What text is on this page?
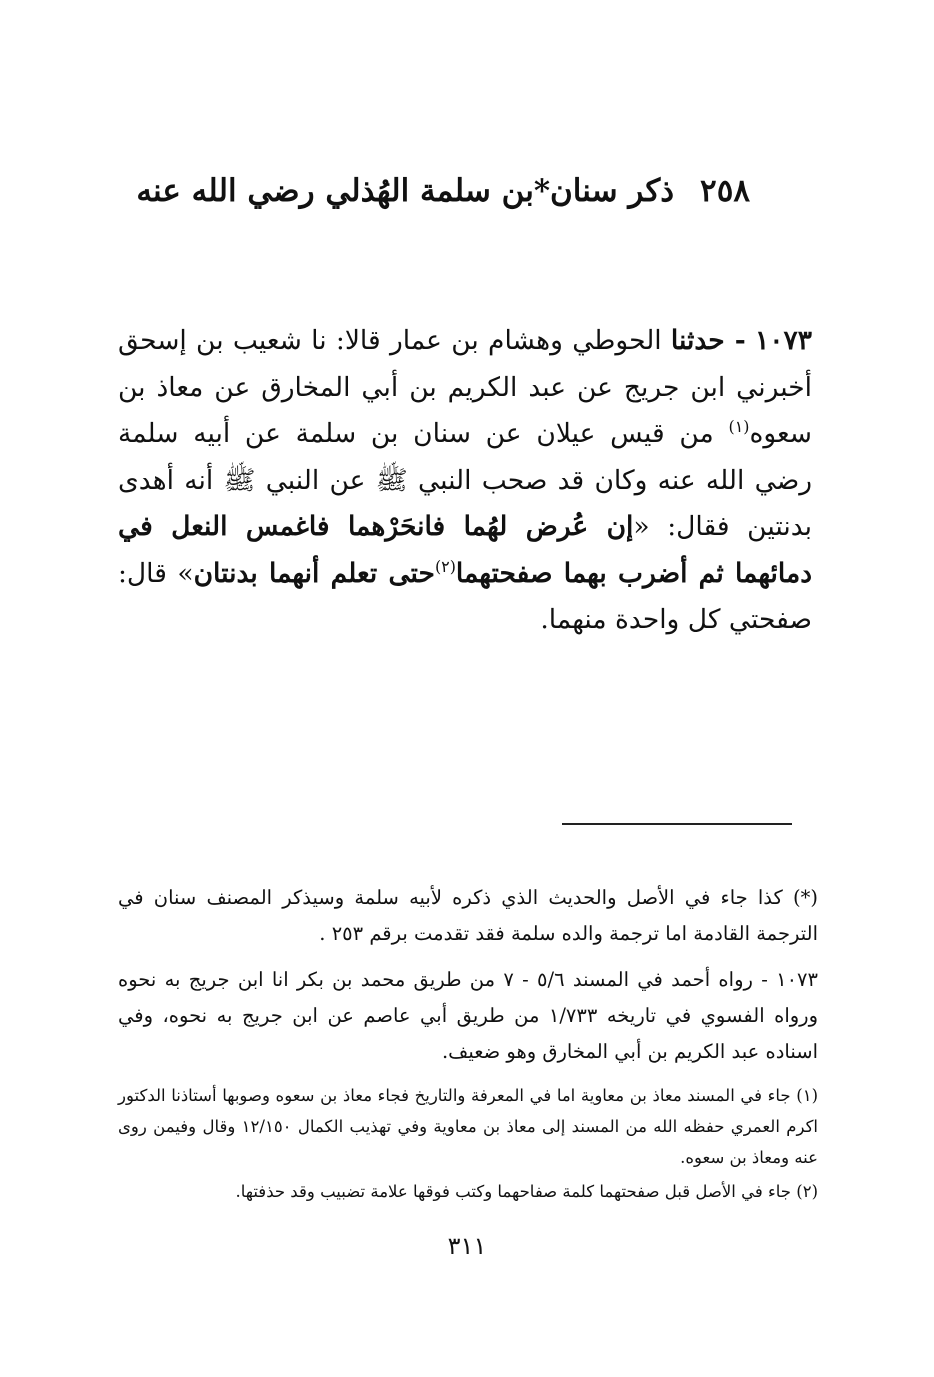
٢٥٨ذكر سنان*بن سلمة الهُذلي رضي الله عنه

١٠٧٣ - حدثنا الحوطي وهشام بن عمار قالا: نا شعيب بن إسحق أخبرني ابن جريج عن عبد الكريم بن أبي المخارق عن معاذ بن سعوه$^{(١)}$ من قيس عيلان عن سنان بن سلمة عن أبيه سلمة رضي الله عنه وكان قد صحب النبي ﷺ عن النبي ﷺ أنه أهدى بدنتين فقال: «إن عُرض لهُما فانحَرْهما فاغمس النعل في دمائهما ثم أضرب بهما صفحتهما$^{(٢)}$حتى تعلم أنهما بدنتان» قال: صفحتي كل واحدة منهما.

(*) كذا جاء في الأصل والحديث الذي ذكره لأبيه سلمة وسيذكر المصنف سنان في الترجمة القادمة اما ترجمة والده سلمة فقد تقدمت برقم ٢٥٣ .

١٠٧٣ - رواه أحمد في المسند ٥/٦ - ٧ من طريق محمد بن بكر انا ابن جريج به نحوه ورواه الفسوي في تاريخه ١/٧٣٣ من طريق أبي عاصم عن ابن جريج به نحوه، وفي اسناده عبد الكريم بن أبي المخارق وهو ضعيف.

(١) جاء في المسند معاذ بن معاوية اما في المعرفة والتاريخ فجاء معاذ بن سعوه وصوبها أستاذنا الدكتور اكرم العمري حفظه الله من المسند إلى معاذ بن معاوية وفي تهذيب الكمال ١٢/١٥٠ وقال وفيمن روى عنه ومعاذ بن سعوه.

(٢) جاء في الأصل قبل صفحتهما كلمة صفاحهما وكتب فوقها علامة تضبيب وقد حذفتها.

٣١١
